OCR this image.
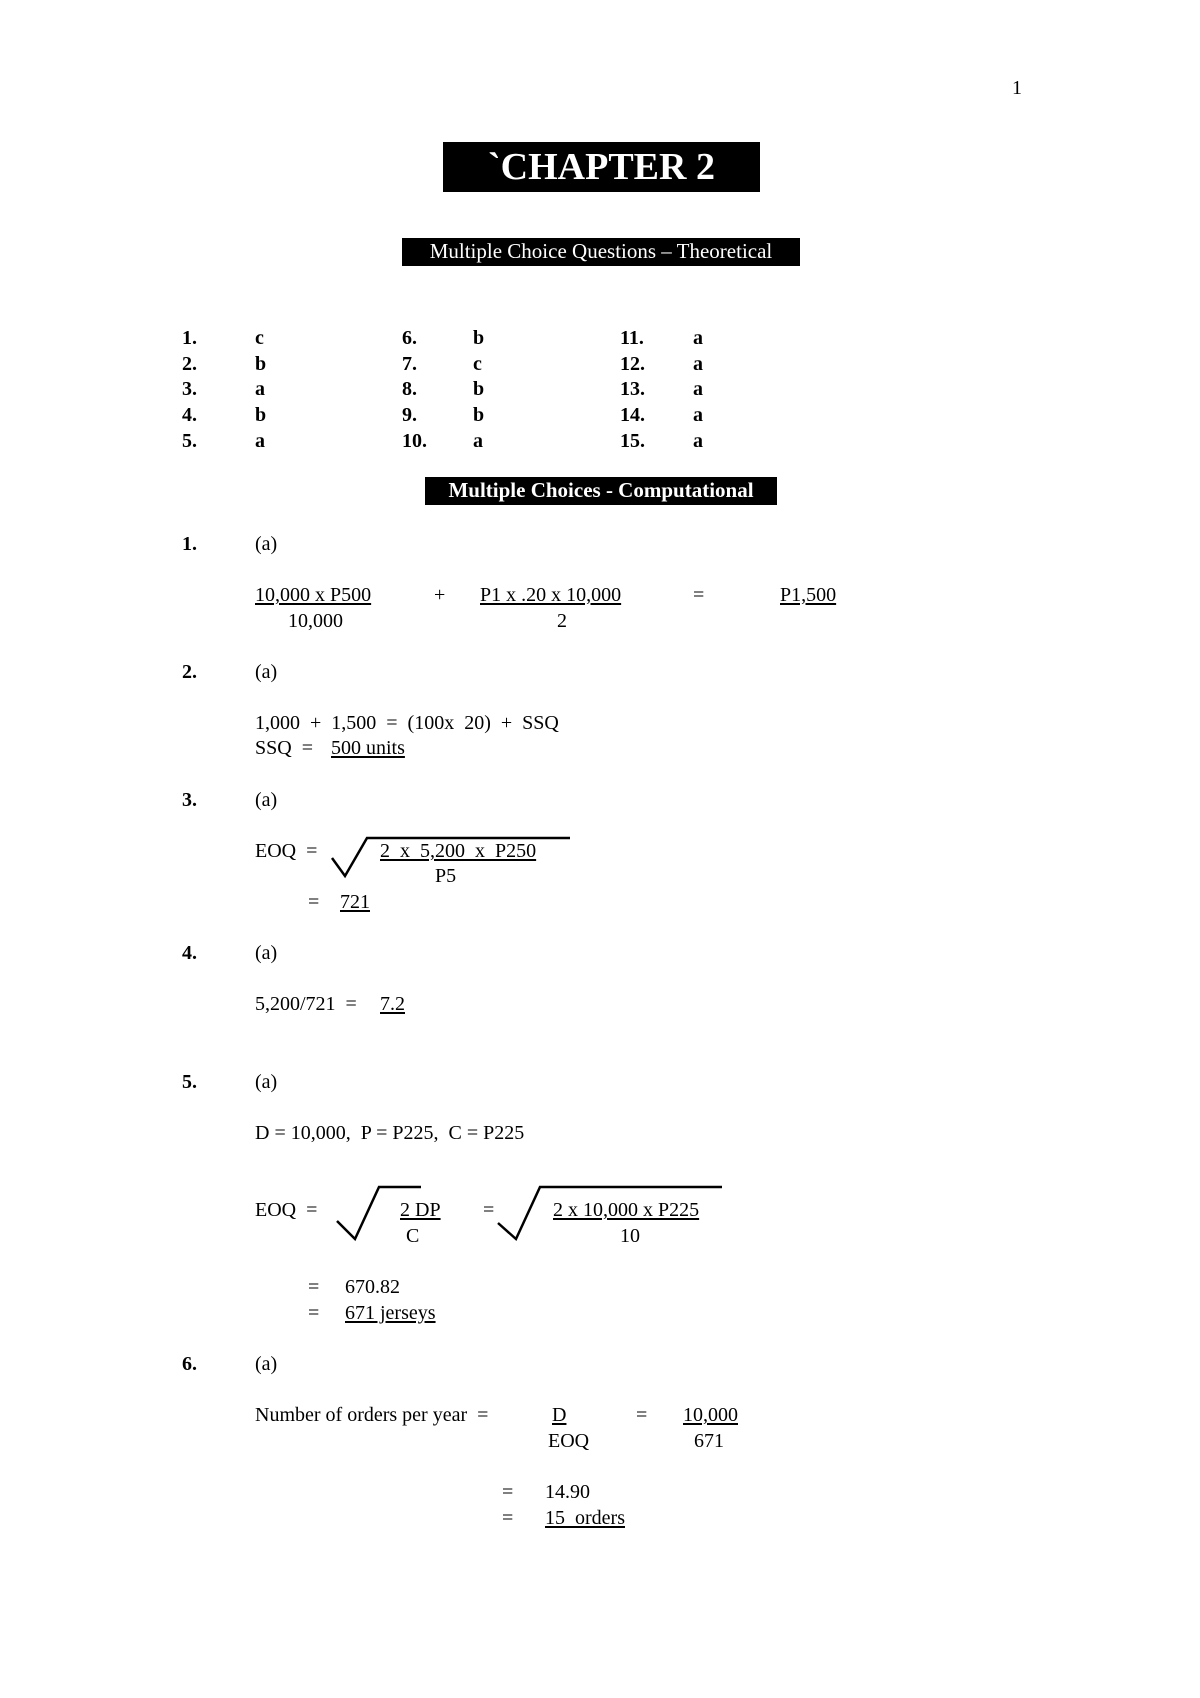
1
`CHAPTER 2
Multiple Choice Questions – Theoretical
1.	c
2.	b
3.	a
4.	b
5.	a
6.	b
7.	c
8.	b
9.	b
10. a
11. a
12. a
13. a
14. a
15. a
Multiple Choices - Computational
1.	(a)
10,000 x P500
10,000
+ P1 x .20 x 10,000
2
=	P1,500
2.	(a)
1,000  +  1,500  =  (100x  20)  +  SSQ
SSQ  = 500 units
3.	(a)
EOQ  =	2  x  5,200  x  P250
P5
= 721
4.	(a)
5,200/721  = 7.2
5.	(a)
D = 10,000,  P = P225,  C = P225
EOQ  =	2 DP
C
=	2 x 10,000 x P225
10
= 670.82
= 671 jerseys
6.	(a)
Number of orders per year  =	D
EOQ
= 10,000
671
= 14.90
= 15  orders
